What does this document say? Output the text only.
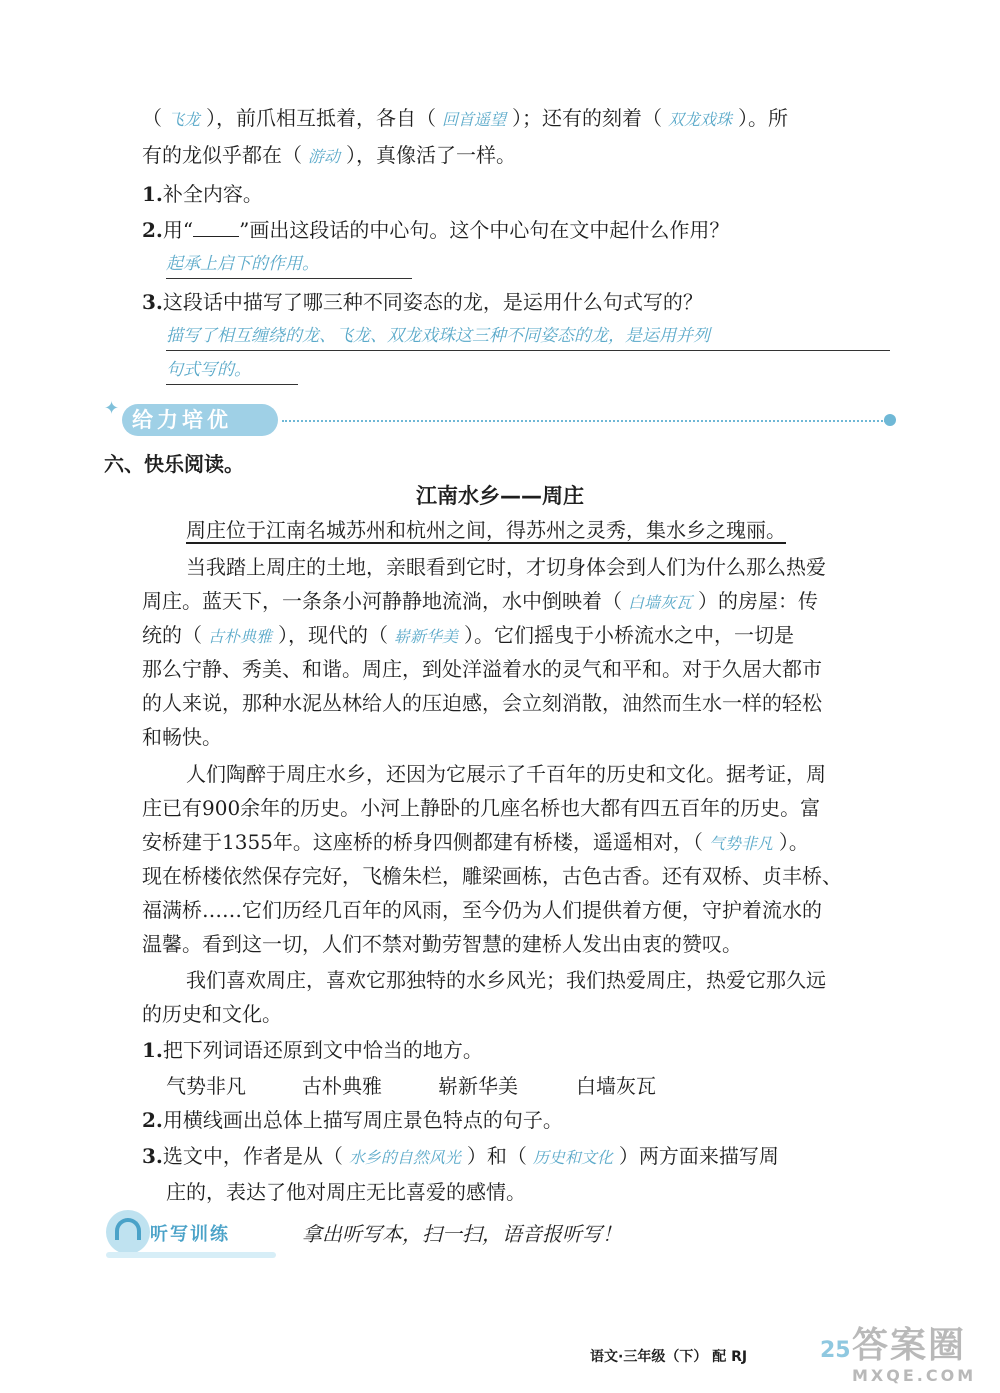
（ 飞龙 ），前爪相互抵着，各自（ 回首遥望 ）；还有的刻着（ 双龙戏珠 ）。所
有的龙似乎都在（ 游动 ），真像活了一样。
1.补全内容。
2.用“ ”画出这段话的中心句。这个中心句在文中起什么作用？
起承上启下的作用。
3.这段话中描写了哪三种不同姿态的龙，是运用什么句式写的？
描写了相互缠绕的龙、飞龙、双龙戏珠这三种不同姿态的龙，是运用并列
句式写的。
✦ 给力培优
六、快乐阅读。
江南水乡——周庄
周庄位于江南名城苏州和杭州之间，得苏州之灵秀，集水乡之瑰丽。
当我踏上周庄的土地，亲眼看到它时，才切身体会到人们为什么那么热爱
周庄。蓝天下，一条条小河静静地流淌，水中倒映着（ 白墙灰瓦 ）的房屋：传
统的（ 古朴典雅 ），现代的（ 崭新华美 ）。它们摇曳于小桥流水之中，一切是
那么宁静、秀美、和谐。周庄，到处洋溢着水的灵气和平和。对于久居大都市
的人来说，那种水泥丛林给人的压迫感，会立刻消散，油然而生水一样的轻松
和畅快。
人们陶醉于周庄水乡，还因为它展示了千百年的历史和文化。据考证，周
庄已有900余年的历史。小河上静卧的几座名桥也大都有四五百年的历史。富
安桥建于1355年。这座桥的桥身四侧都建有桥楼，遥遥相对，（ 气势非凡 ）。
现在桥楼依然保存完好，飞檐朱栏，雕梁画栋，古色古香。还有双桥、贞丰桥、
福满桥……它们历经几百年的风雨，至今仍为人们提供着方便，守护着流水的
温馨。看到这一切，人们不禁对勤劳智慧的建桥人发出由衷的赞叹。
我们喜欢周庄，喜欢它那独特的水乡风光；我们热爱周庄，热爱它那久远
的历史和文化。
1.把下列词语还原到文中恰当的地方。
气势非凡	古朴典雅	崭新华美	白墙灰瓦
2.用横线画出总体上描写周庄景色特点的句子。
3.选文中，作者是从（ 水乡的自然风光 ）和（ 历史和文化 ）两方面来描写周
庄的，表达了他对周庄无比喜爱的感情。
听写训练	拿出听写本，扫一扫，语音报听写！
语文·三年级（下） 配 RJ	25 答案圈
MXQE.COM
